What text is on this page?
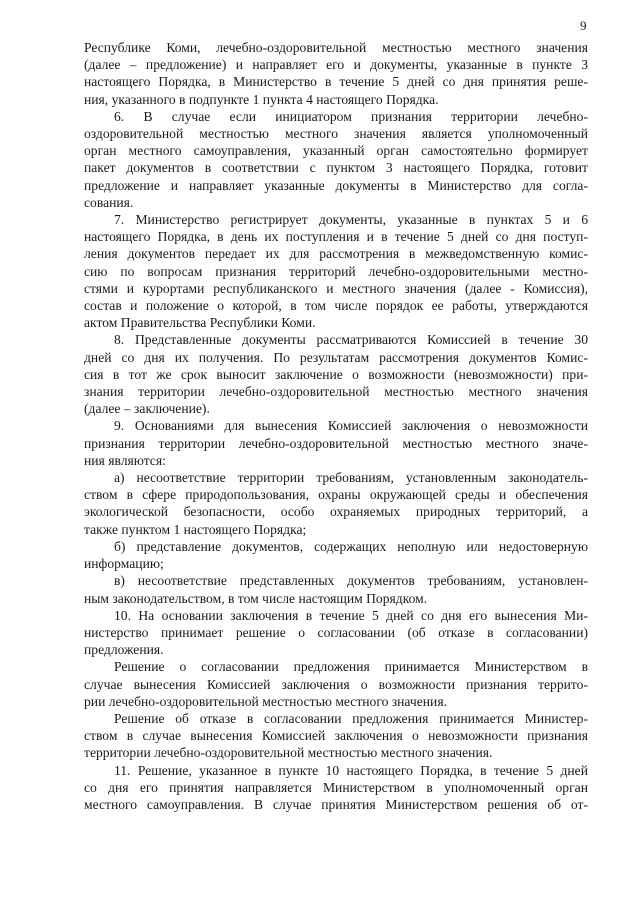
9
Республике Коми, лечебно-оздоровительной местностью местного значения
(далее – предложение) и направляет его и документы, указанные в пункте 3
настоящего Порядка, в Министерство в течение 5 дней со дня принятия реше-
ния, указанного в подпункте 1 пункта 4 настоящего Порядка.
6. В случае если инициатором признания территории лечебно-
оздоровительной местностью местного значения является уполномоченный
орган местного самоуправления, указанный орган самостоятельно формирует
пакет документов в соответствии с пунктом 3 настоящего Порядка, готовит
предложение и направляет указанные документы в Министерство для согла-
сования.
7. Министерство регистрирует документы, указанные в пунктах 5 и 6
настоящего Порядка, в день их поступления и в течение 5 дней со дня поступ-
ления документов передает их для рассмотрения в межведомственную комис-
сию по вопросам признания территорий лечебно-оздоровительными местно-
стями и курортами республиканского и местного значения (далее - Комиссия),
состав и положение о которой, в том числе порядок ее работы, утверждаются
актом Правительства Республики Коми.
8. Представленные документы рассматриваются Комиссией в течение 30
дней со дня их получения. По результатам рассмотрения документов Комис-
сия в тот же срок выносит заключение о возможности (невозможности) при-
знания территории лечебно-оздоровительной местностью местного значения
(далее – заключение).
9. Основаниями для вынесения Комиссией заключения о невозможности
признания территории лечебно-оздоровительной местностью местного значе-
ния являются:
а) несоответствие территории требованиям, установленным законодатель-
ством в сфере природопользования, охраны окружающей среды и обеспечения
экологической безопасности, особо охраняемых природных территорий, а
также пунктом 1 настоящего Порядка;
б) представление документов, содержащих неполную или недостоверную
информацию;
в) несоответствие представленных документов требованиям, установлен-
ным законодательством, в том числе настоящим Порядком.
10. На основании заключения в течение 5 дней со дня его вынесения Ми-
нистерство принимает решение о согласовании (об отказе в согласовании)
предложения.
Решение о согласовании предложения принимается Министерством в
случае вынесения Комиссией заключения о возможности признания террито-
рии лечебно-оздоровительной местностью местного значения.
Решение об отказе в согласовании предложения принимается Министер-
ством в случае вынесения Комиссией заключения о невозможности признания
территории лечебно-оздоровительной местностью местного значения.
11. Решение, указанное в пункте 10 настоящего Порядка, в течение 5 дней
со дня его принятия направляется Министерством в уполномоченный орган
местного самоуправления. В случае принятия Министерством решения об от-
